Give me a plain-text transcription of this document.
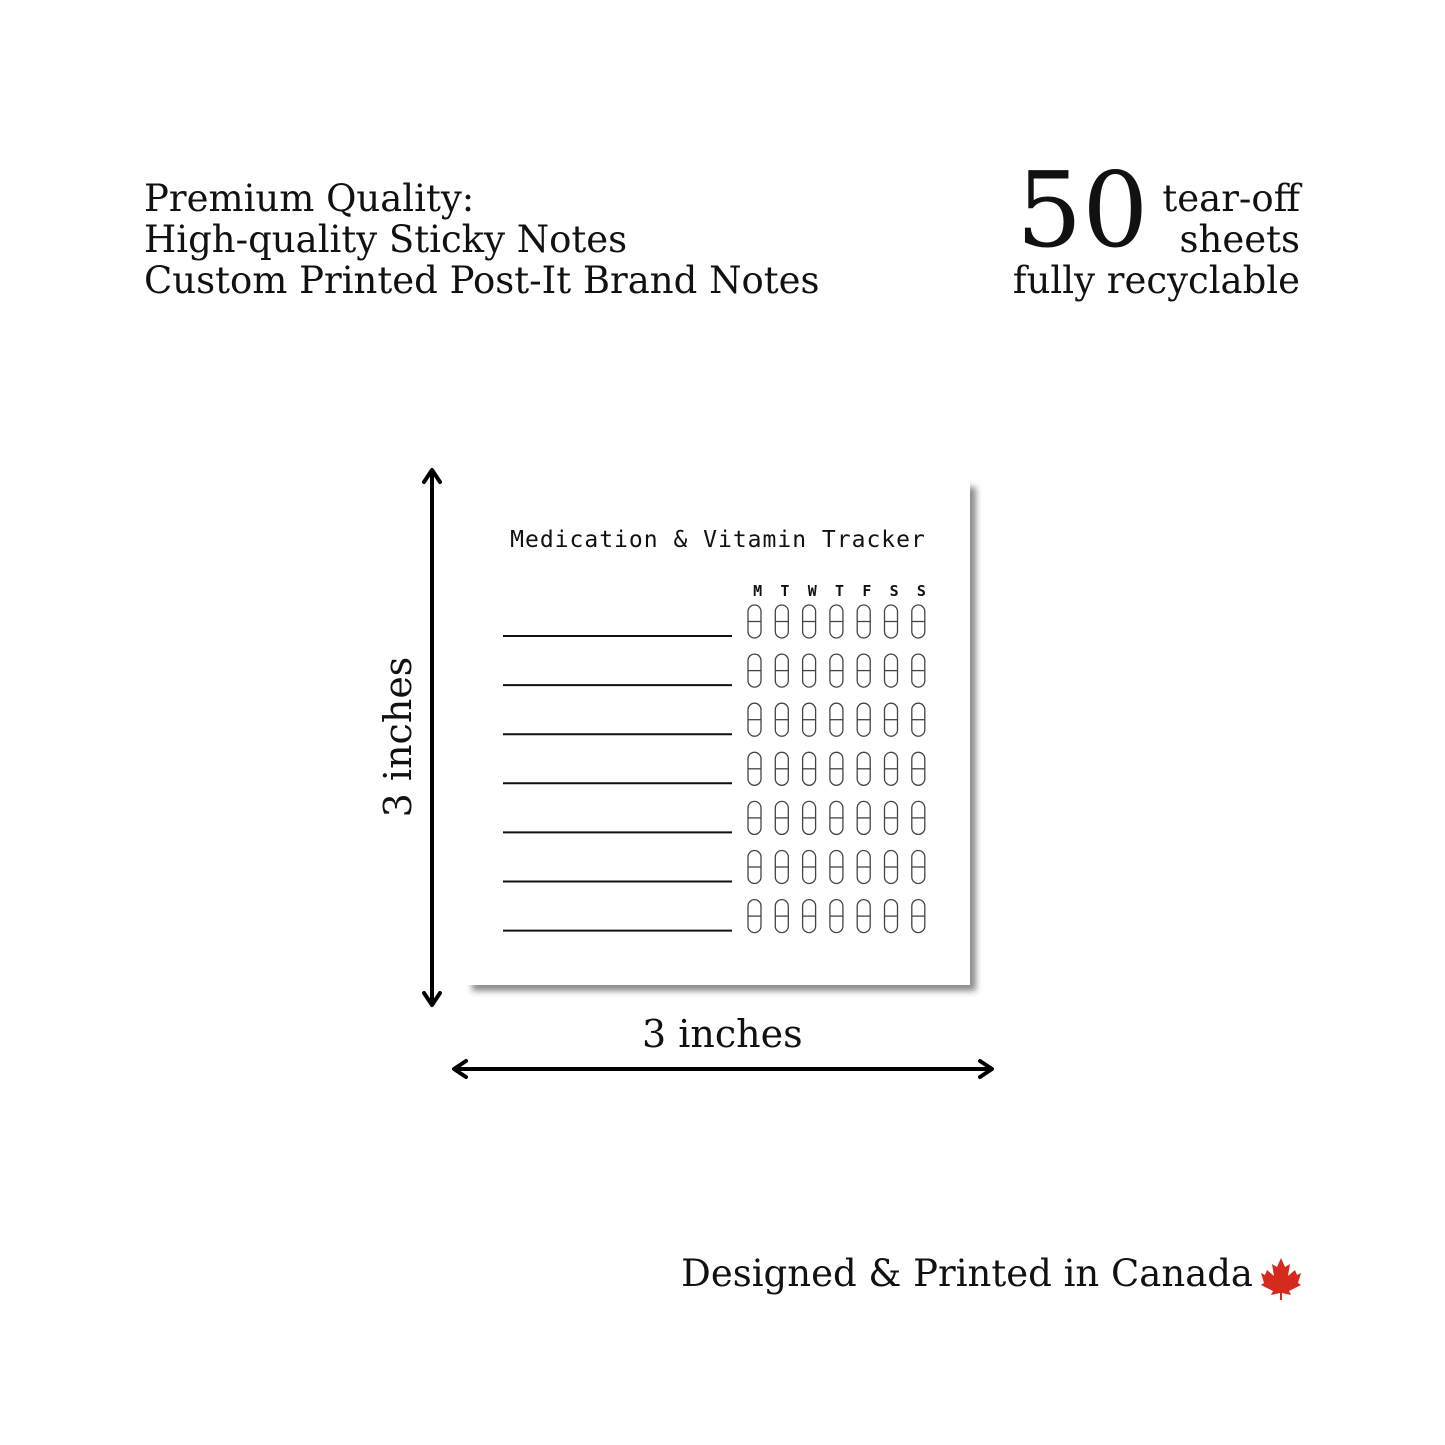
Premium Quality:
High-quality Sticky Notes
Custom Printed Post-It Brand Notes
50 tear-off
sheets
fully recyclable
Medication & Vitamin Tracker
M	T	W	T	F	S	S
3 inches
3 inches
Designed & Printed in Canada
